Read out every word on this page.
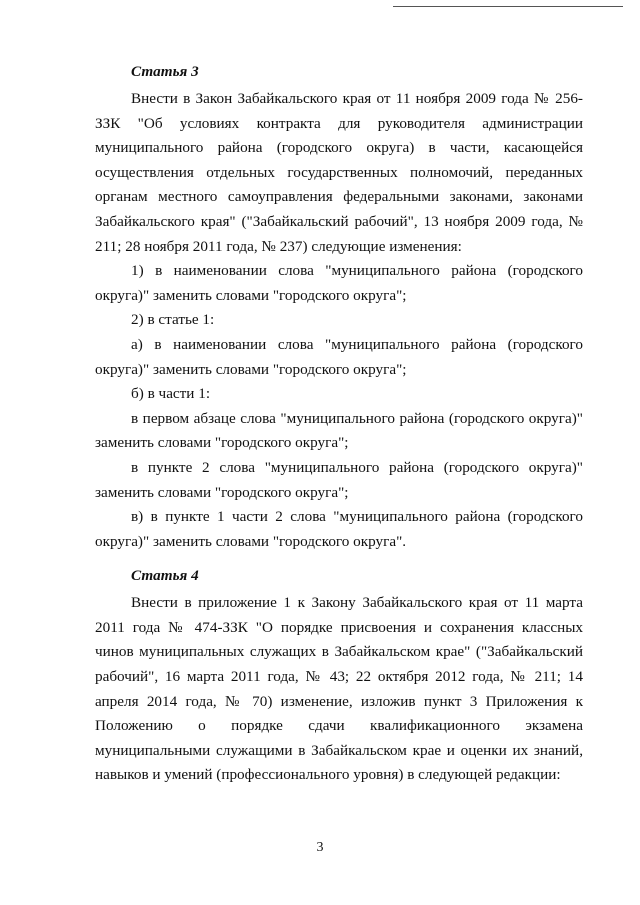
Статья 3

Внести в Закон Забайкальского края от 11 ноября 2009 года № 256-ЗЗК "Об условиях контракта для руководителя администрации муниципального района (городского округа) в части, касающейся осуществления отдельных государственных полномочий, переданных органам местного самоуправления федеральными законами, законами Забайкальского края" ("Забайкальский рабочий", 13 ноября 2009 года, № 211; 28 ноября 2011 года, № 237) следующие изменения:

1) в наименовании слова "муниципального района (городского округа)" заменить словами "городского округа";

2) в статье 1:

а) в наименовании слова "муниципального района (городского округа)" заменить словами "городского округа";

б) в части 1:

в первом абзаце слова "муниципального района (городского округа)" заменить словами "городского округа";

в пункте 2 слова "муниципального района (городского округа)" заменить словами "городского округа";

в) в пункте 1 части 2 слова "муниципального района (городского округа)" заменить словами "городского округа".

Статья 4

Внести в приложение 1 к Закону Забайкальского края от 11 марта 2011 года № 474-ЗЗК "О порядке присвоения и сохранения классных чинов муниципальных служащих в Забайкальском крае" ("Забайкальский рабочий", 16 марта 2011 года, № 43; 22 октября 2012 года, № 211; 14 апреля 2014 года, № 70) изменение, изложив пункт 3 Приложения к Положению о порядке сдачи квалификационного экзамена муниципальными служащими в Забайкальском крае и оценки их знаний, навыков и умений (профессионального уровня) в следующей редакции:

3
